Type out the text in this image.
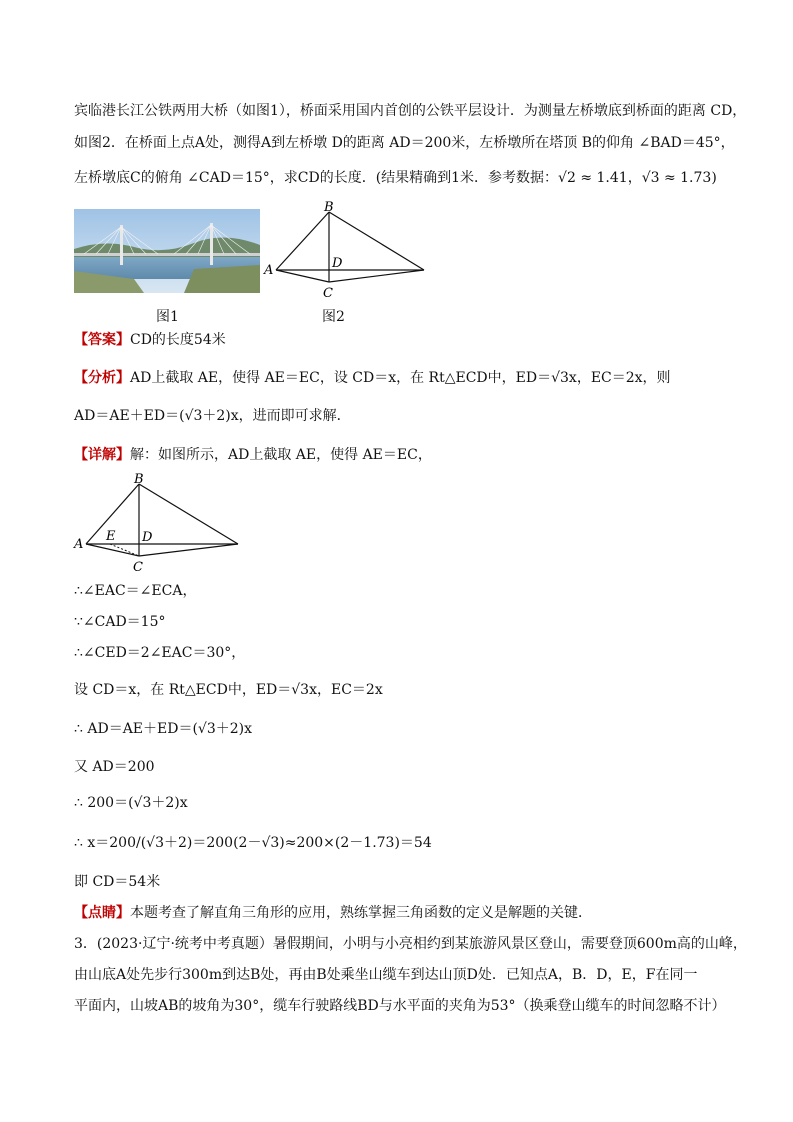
宾临港长江公铁两用大桥（如图1），桥面采用国内首创的公铁平层设计．为测量左桥墩底到桥面的距离 CD，
如图2．在桥面上点A处，测得A到左桥墩 D的距离 AD＝200米，左桥墩所在塔顶 B的仰角 ∠BAD＝45°，
左桥墩底C的俯角 ∠CAD＝15°，求CD的长度．(结果精确到1米．参考数据：√2 ≈ 1.41，√3 ≈ 1.73)
图1
B
A	D
C
图2
【答案】CD的长度54米
【分析】AD上截取 AE，使得 AE＝EC，设 CD＝x，在 Rt△ECD中，ED＝√3x，EC＝2x，则
AD＝AE＋ED＝(√3＋2)x，进而即可求解．
【详解】解：如图所示，AD上截取 AE，使得 AE＝EC，
B
A
E D
C
∴∠EAC＝∠ECA，
∵∠CAD＝15°
∴∠CED＝2∠EAC＝30°，
设 CD＝x，在 Rt△ECD中，ED＝√3x，EC＝2x
∴ AD＝AE＋ED＝(√3＋2)x
又 AD＝200
∴ 200＝(√3＋2)x
∴ x＝200/(√3＋2)＝200(2－√3)≈200×(2－1.73)＝54
即 CD＝54米
【点睛】本题考查了解直角三角形的应用，熟练掌握三角函数的定义是解题的关键．
3．(2023·辽宁·统考中考真题）暑假期间，小明与小亮相约到某旅游风景区登山，需要登顶600m高的山峰，
由山底A处先步行300m到达B处，再由B处乘坐山缆车到达山顶D处．已知点A，B．D，E，F在同一
平面内，山坡AB的坡角为30°，缆车行驶路线BD与水平面的夹角为53°（换乘登山缆车的时间忽略不计）
